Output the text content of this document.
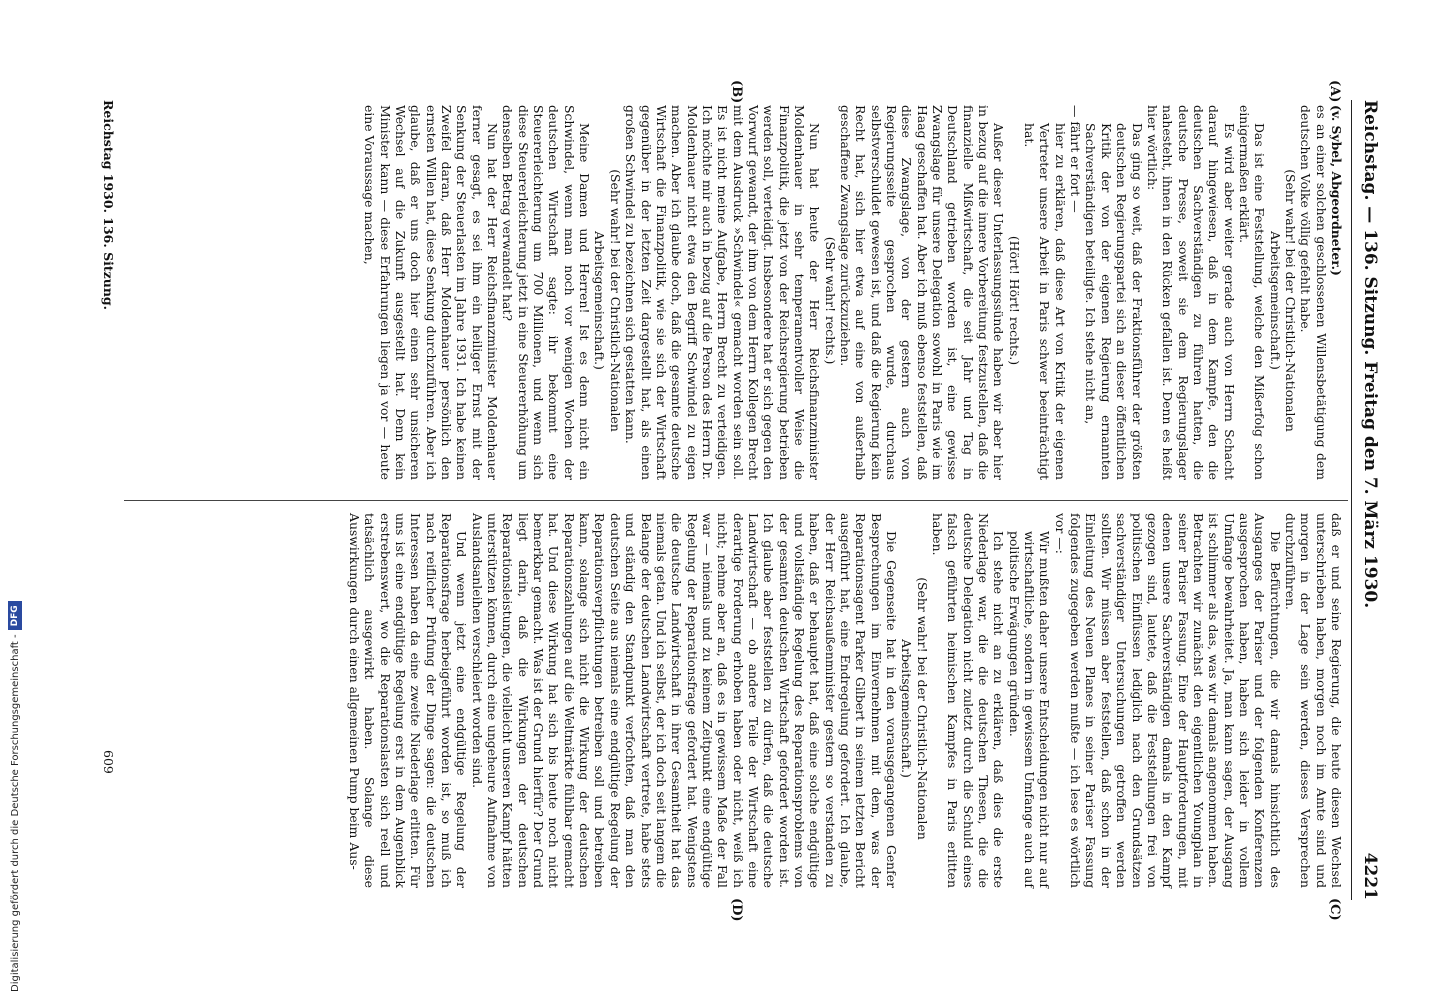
Reichstag. — 136. Sitzung. Freitag den 7. März 1930.
4221
(A)
(B)
(C)
(D)

(v. Sybel, Abgeordneter.)

es an einer solchen geschlossenen Willensbetätigung dem deutschen Volke völlig gefehlt habe.

(Sehr wahr! bei der Christlich-Nationalen Arbeitsgemeinschaft.)

Das ist eine Feststellung, welche den Mißerfolg schon einigermaßen erklärt.

Es wird aber weiter gerade auch von Herrn Schacht darauf hingewiesen, daß in dem Kampfe, den die deutschen Sachverständigen zu führen hatten, die deutsche Presse, soweit sie dem Regierungslager nahesteht, ihnen in den Rücken gefallen ist. Denn es heißt hier wörtlich:

Das ging so weit, daß der Fraktionsführer der größten deutschen Regierungspartei sich an dieser öffentlichen Kritik der von der eigenen Regierung ernannten Sachverständigen beteiligte. Ich stehe nicht an,

— fährt er fort —

hier zu erklären, daß diese Art von Kritik der eigenen Vertreter unsere Arbeit in Paris schwer beeinträchtigt hat.

(Hört! Hört! rechts.)

Außer dieser Unterlassungssünde haben wir aber hier in bezug auf die innere Vorbereitung festzustellen, daß die finanzielle Mißwirtschaft, die seit Jahr und Tag in Deutschland getrieben worden ist, eine gewisse Zwangslage für unsere Delegation sowohl in Paris wie im Haag geschaffen hat. Aber ich muß ebenso feststellen, daß diese Zwangslage, von der gestern auch von Regierungsseite gesprochen wurde, durchaus selbstverschuldet gewesen ist, und daß die Regierung kein Recht hat, sich hier etwa auf eine von außerhalb geschaffene Zwangslage zurückzuziehen.

(Sehr wahr! rechts.)

Nun hat heute der Herr Reichsfinanzminister Moldenhauer in sehr temperamentvoller Weise die Finanzpolitik, die jetzt von der Reichsregierung betrieben werden soll, verteidigt. Insbesondere hat er sich gegen den Vorwurf gewandt, der ihm von dem Herrn Kollegen Brecht mit dem Ausdruck »Schwindel« gemacht worden sein soll. Es ist nicht meine Aufgabe, Herrn Brecht zu verteidigen. Ich möchte mir auch in bezug auf die Person des Herrn Dr. Moldenhauer nicht etwa den Begriff Schwindel zu eigen machen. Aber ich glaube doch, daß die gesamte deutsche Wirtschaft die Finanzpolitik, wie sie sich der Wirtschaft gegenüber in der letzten Zeit dargestellt hat, als einen großen Schwindel zu bezeichnen sich gestatten kann.

(Sehr wahr! bei der Christlich-Nationalen Arbeitsgemeinschaft.)

Meine Damen und Herren! Ist es denn nicht ein Schwindel, wenn man noch vor wenigen Wochen der deutschen Wirtschaft sagte: ihr bekommt eine Steuererleichterung um 700 Millionen, und wenn sich diese Steuererleichterung jetzt in eine Steuererhöhung um denselben Betrag verwandelt hat?

Nun hat der Herr Reichsfinanzminister Moldenhauer ferner gesagt, es sei ihm ein heiliger Ernst mit der Senkung der Steuerlasten im Jahre 1931. Ich habe keinen Zweifel daran, daß Herr Moldenhauer persönlich den ernsten Willen hat, diese Senkung durchzuführen. Aber ich glaube, daß er uns doch hier einen sehr unsicheren Wechsel auf die Zukunft ausgestellt hat. Denn kein Minister kann — diese Erfahrungen liegen ja vor — heute eine Voraussage machen,

daß er und seine Regierung, die heute diesen Wechsel unterschrieben haben, morgen noch im Amte sind und morgen in der Lage sein werden, dieses Versprechen durchzuführen.

Die Befürchtungen, die wir damals hinsichtlich des Ausganges der Pariser und der folgenden Konferenzen ausgesprochen haben, haben sich leider in vollem Umfange bewahrheitet. Ja, man kann sagen, der Ausgang ist schlimmer als das, was wir damals angenommen haben. Betrachten wir zunächst den eigentlichen Youngplan in seiner Pariser Fassung. Eine der Hauptforderungen, mit denen unsere Sachverständigen damals in den Kampf gezogen sind, lautete, daß die Feststellungen frei von politischen Einflüssen lediglich nach den Grundsätzen sachverständiger Untersuchungen getroffen werden sollten. Wir müssen aber feststellen, daß schon in der Einleitung des Neuen Planes in seiner Pariser Fassung folgendes zugegeben werden mußte — ich lese es wörtlich vor —:

Wir mußten daher unsere Entscheidungen nicht nur auf wirtschaftliche, sondern in gewissem Umfange auch auf politische Erwägungen gründen.

Ich stehe nicht an zu erklären, daß dies die erste Niederlage war, die die deutschen Thesen, die die deutsche Delegation nicht zuletzt durch die Schuld eines falsch geführten heimischen Kampfes in Paris erlitten haben.

(Sehr wahr! bei der Christlich-Nationalen Arbeitsgemeinschaft.)

Die Gegenseite hat in den vorausgegangenen Genfer Besprechungen im Einvernehmen mit dem, was der Reparationsagent Parker Gilbert in seinem letzten Bericht ausgeführt hat, eine Endregelung gefordert. Ich glaube, der Herr Reichsaußenminister gestern so verstanden zu haben, daß er behauptet hat, daß eine solche endgültige und vollständige Regelung des Reparationsproblems von der gesamten deutschen Wirtschaft gefordert worden ist. Ich glaube aber feststellen zu dürfen, daß die deutsche Landwirtschaft — ob andere Teile der Wirtschaft eine derartige Forderung erhoben haben oder nicht, weiß ich nicht; nehme aber an, daß es in gewissem Maße der Fall war — niemals und zu keinem Zeitpunkt eine endgültige Regelung der Reparationsfrage gefordert hat. Wenigstens die deutsche Landwirtschaft in ihrer Gesamtheit hat das niemals getan. Und ich selbst, der ich doch seit langem die Belange der deutschen Landwirtschaft vertrete, habe stets und ständig den Standpunkt verfochten, daß man den deutschen Seite aus niemals eine endgültige Regelung der Reparationsverpflichtungen betreiben soll und betreiben kann, solange sich nicht die Wirkung der deutschen Reparationszahlungen auf die Weltmärkte fühlbar gemacht hat. Und diese Wirkung hat sich bis heute noch nicht bemerkbar gemacht. Was ist der Grund hierfür? Der Grund liegt darin, daß die Wirkungen der deutschen Reparationsleistungen, die vielleicht unseren Kampf hätten unterstützen können, durch eine ungeheure Aufnahme von Auslandsanleihen verschleiert worden sind.

Und wenn jetzt eine endgültige Regelung der Reparationsfrage herbeigeführt worden ist, so muß ich nach reiflicher Prüfung der Dinge sagen: die deutschen Interessen haben da eine zweite Niederlage erlitten. Für uns ist eine endgültige Regelung erst in dem Augenblick erstrebenswert, wo die Reparationslasten sich reell und tatsächlich ausgewirkt haben. Solange diese Auswirkungen durch einen allgemeinen Pump beim Aus-

Reichstag 1930. 136. Sitzung.
609
Digitalisierung gefördert durch die Deutsche Forschungsgemeinschaft -DFG
